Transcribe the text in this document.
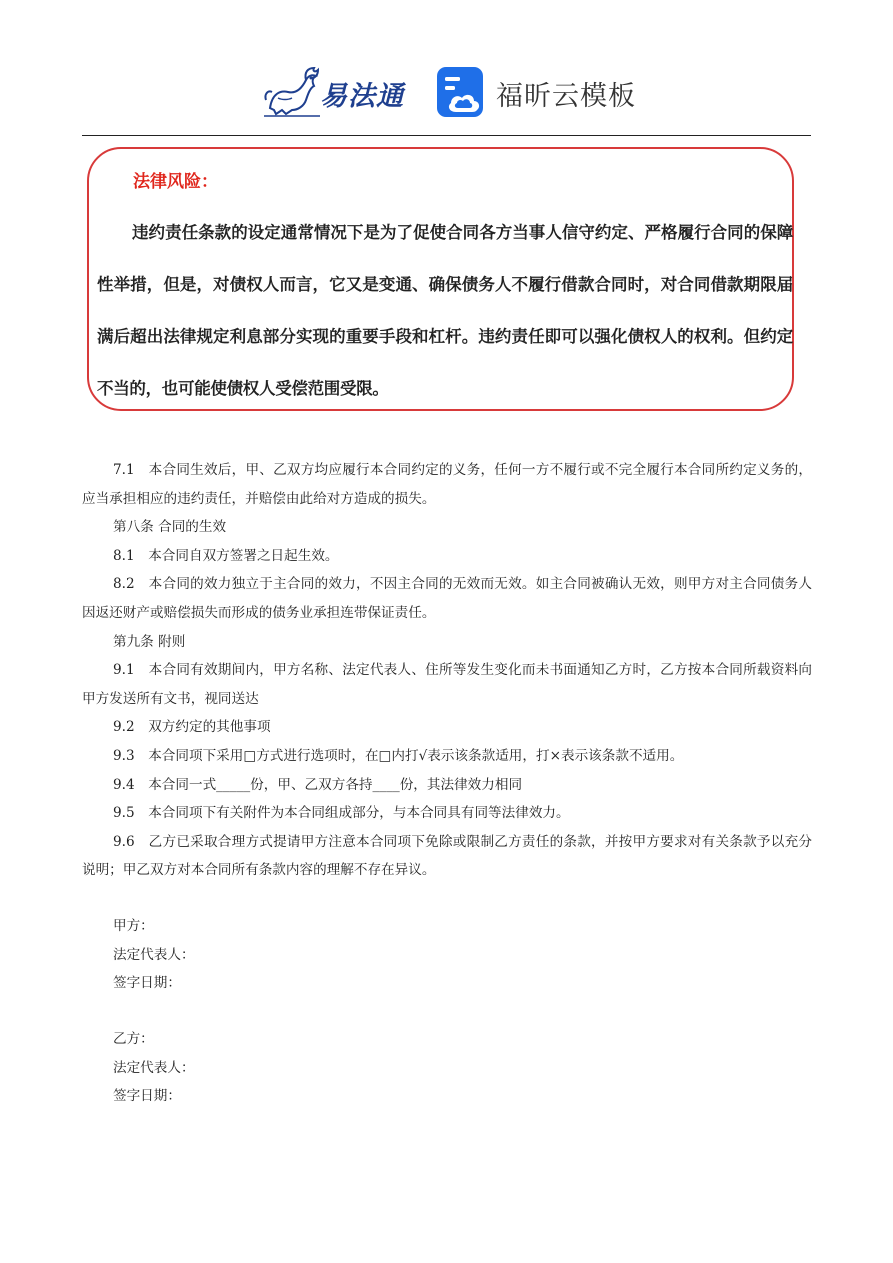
易法通	福昕云模板
法律风险：
违约责任条款的设定通常情况下是为了促使合同各方当事人信守约定、严格履行合同的保障性举措，但是，对债权人而言，它又是变通、确保债务人不履行借款合同时，对合同借款期限届满后超出法律规定利息部分实现的重要手段和杠杆。违约责任即可以强化债权人的权利。但约定不当的，也可能使债权人受偿范围受限。

7.1　本合同生效后，甲、乙双方均应履行本合同约定的义务，任何一方不履行或不完全履行本合同所约定义务的，应当承担相应的违约责任，并赔偿由此给对方造成的损失。

第八条 合同的生效

8.1　本合同自双方签署之日起生效。

8.2　本合同的效力独立于主合同的效力，不因主合同的无效而无效。如主合同被确认无效，则甲方对主合同债务人因返还财产或赔偿损失而形成的债务业承担连带保证责任。

第九条 附则

9.1　本合同有效期间内，甲方名称、法定代表人、住所等发生变化而未书面通知乙方时，乙方按本合同所载资料向甲方发送所有文书，视同送达

9.2　双方约定的其他事项

9.3　本合同项下采用□方式进行选项时，在□内打√表示该条款适用，打×表示该条款不适用。

9.4　本合同一式_____份，甲、乙双方各持____份，其法律效力相同

9.5　本合同项下有关附件为本合同组成部分，与本合同具有同等法律效力。

9.6　乙方已采取合理方式提请甲方注意本合同项下免除或限制乙方责任的条款，并按甲方要求对有关条款予以充分说明；甲乙双方对本合同所有条款内容的理解不存在异议。

甲方：
法定代表人：
签字日期：
乙方：
法定代表人：
签字日期：
